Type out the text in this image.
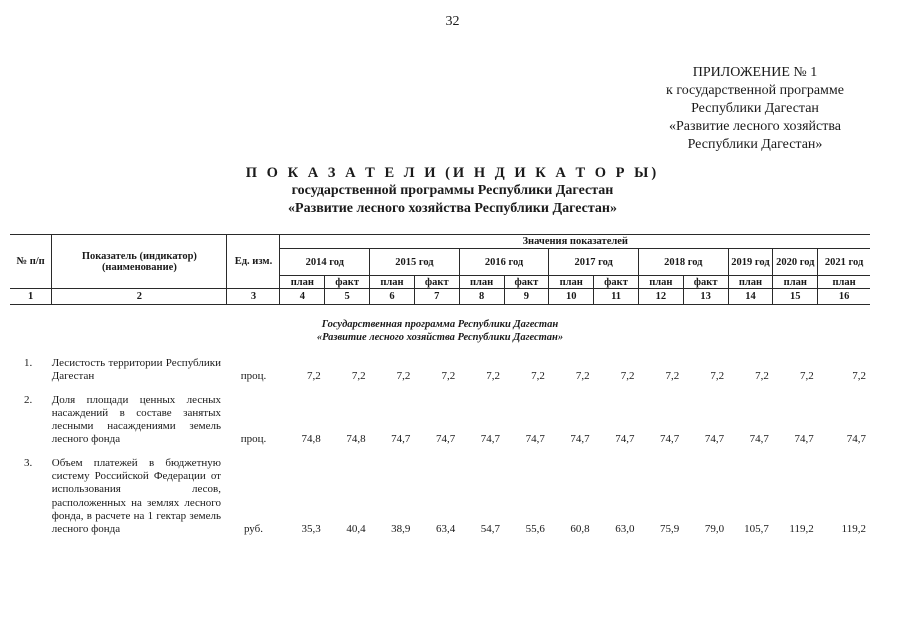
32
ПРИЛОЖЕНИЕ № 1
к государственной программе
Республики Дагестан
«Развитие лесного хозяйства
Республики Дагестан»
П О К А З А Т Е Л И (И Н Д И К А Т О Р Ы)
государственной программы Республики Дагестан
«Развитие лесного хозяйства Республики Дагестан»
№ п/п	Показатель (индикатор) (наименование)	Ед. изм.	Значения показателей												
			2014 год		2015 год		2016 год		2017 год		2018 год		2019 год	2020 год	2021 год
			план	факт	план	факт	план	факт	план	факт	план	факт	план	план	план
1	2	3	4	5	6	7	8	9	10	11	12	13	14	15	16

Государственная программа Республики Дагестан
«Развитие лесного хозяйства Республики Дагестан»															

1.	Лесистость территории Республики Дагестан	проц.	7,2	7,2	7,2	7,2	7,2	7,2	7,2	7,2	7,2	7,2	7,2	7,2	7,2

2.	Доля площади ценных лесных насаждений в составе занятых лесными насаждениями земель лесного фонда	проц.	74,8	74,8	74,7	74,7	74,7	74,7	74,7	74,7	74,7	74,7	74,7	74,7	74,7

3.	Объем платежей в бюджетную систему Российской Федерации от использования лесов, расположенных на землях лесного фонда, в расчете на 1 гектар земель лесного фонда	руб.	35,3	40,4	38,9	63,4	54,7	55,6	60,8	63,0	75,9	79,0	105,7	119,2	119,2
